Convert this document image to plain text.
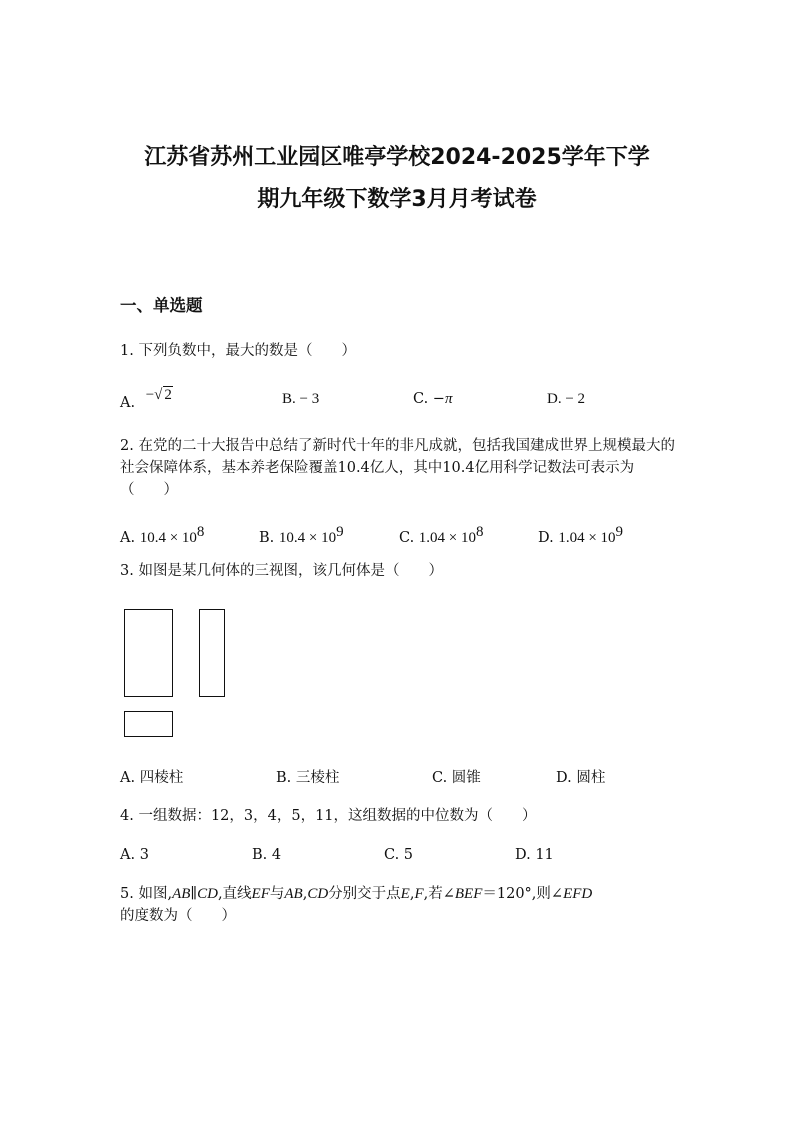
江苏省苏州工业园区唯亭学校2024-2025学年下学
期九年级下数学3月月考试卷
一、单选题
1. 下列负数中，最大的数是（　　）
A. −√ 2	B. − 3	C. −π	D. − 2
2. 在党的二十大报告中总结了新时代十年的非凡成就，包括我国建成世界上规模最大的社会保障体系，基本养老保险覆盖10.4亿人，其中10.4亿用科学记数法可表示为（　　）
A. $10.4 \times 10^8$	B. $10.4 \times 10^9$	C. $1.04 \times 10^8$	D. $1.04 \times 10^9$
3. 如图是某几何体的三视图，该几何体是（　　）
A. 四棱柱	B. 三棱柱	C. 圆锥	D. 圆柱
4. 一组数据：12，3，4，5，11，这组数据的中位数为（　　）
A. 3	B. 4	C. 5	D. 11
5. 如图,AB∥CD,直线EF与AB,CD分别交于点E,F,若∠BEF＝120°,则∠EFD
的度数为（　　）
